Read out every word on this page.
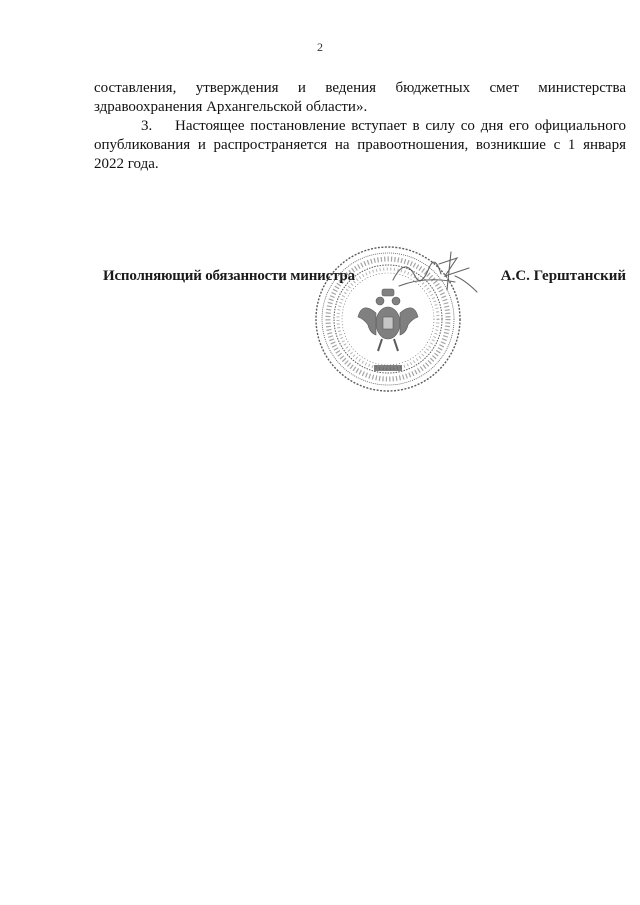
2
составления, утверждения и ведения бюджетных смет министерства здравоохранения Архангельской области».
3. Настоящее постановление вступает в силу со дня его официального опубликования и распространяется на правоотношения, возникшие с 1 января 2022 года.
Исполняющий обязанности министра	А.С. Герштанский
